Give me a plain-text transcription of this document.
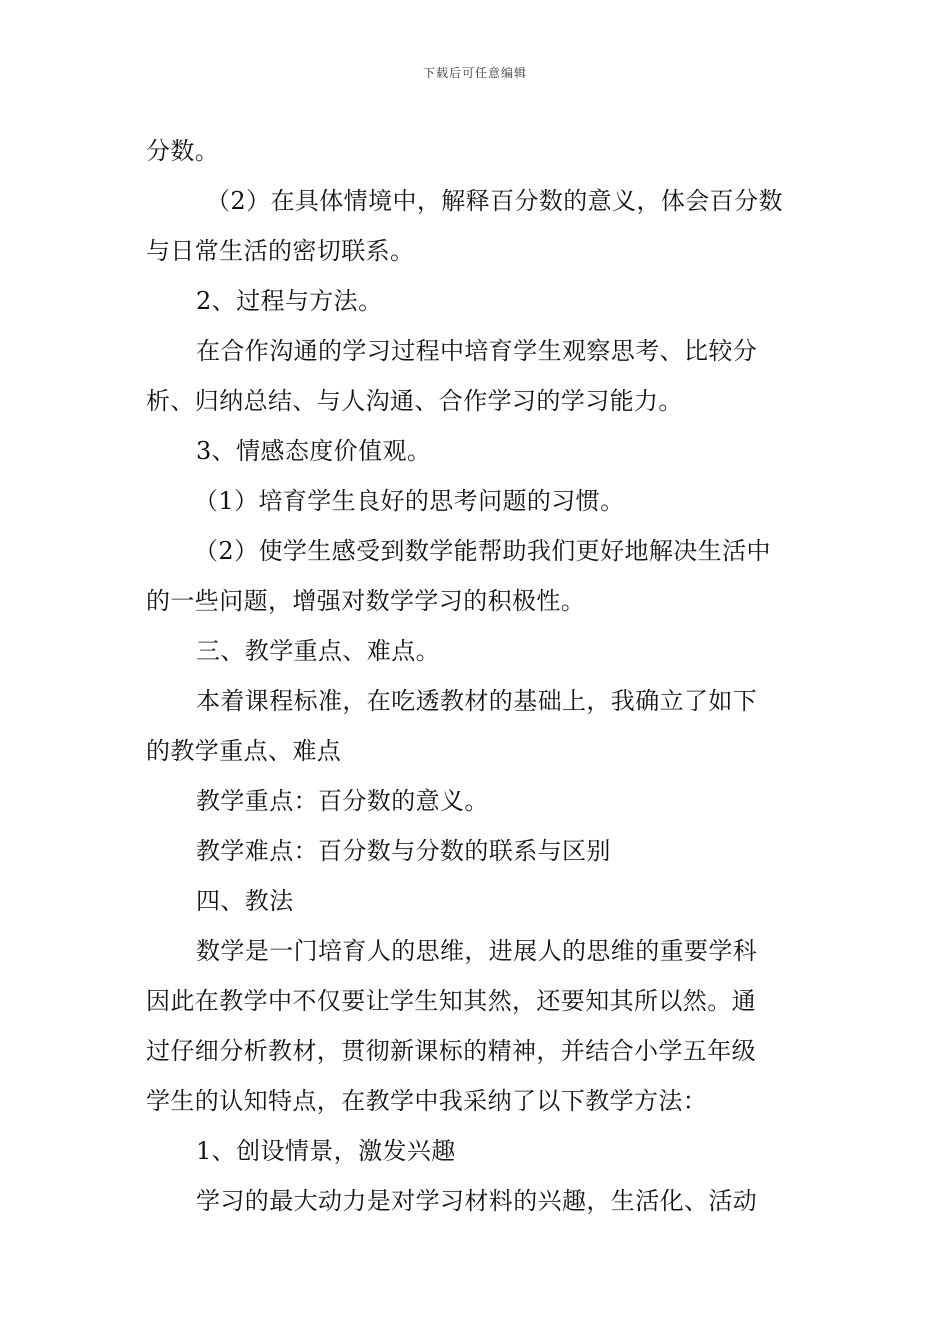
下载后可任意编辑
分数。
（2）在具体情境中，解释百分数的意义，体会百分数
与日常生活的密切联系。
2、过程与方法。
在合作沟通的学习过程中培育学生观察思考、比较分
析、归纳总结、与人沟通、合作学习的学习能力。
3、情感态度价值观。
（1）培育学生良好的思考问题的习惯。
（2）使学生感受到数学能帮助我们更好地解决生活中
的一些问题，增强对数学学习的积极性。
三、教学重点、难点。
本着课程标准，在吃透教材的基础上，我确立了如下
的教学重点、难点
教学重点：百分数的意义。
教学难点：百分数与分数的联系与区别
四、教法
数学是一门培育人的思维，进展人的思维的重要学科
因此在教学中不仅要让学生知其然，还要知其所以然。通
过仔细分析教材，贯彻新课标的精神，并结合小学五年级
学生的认知特点，在教学中我采纳了以下教学方法：
1、创设情景，激发兴趣
学习的最大动力是对学习材料的兴趣，生活化、活动
